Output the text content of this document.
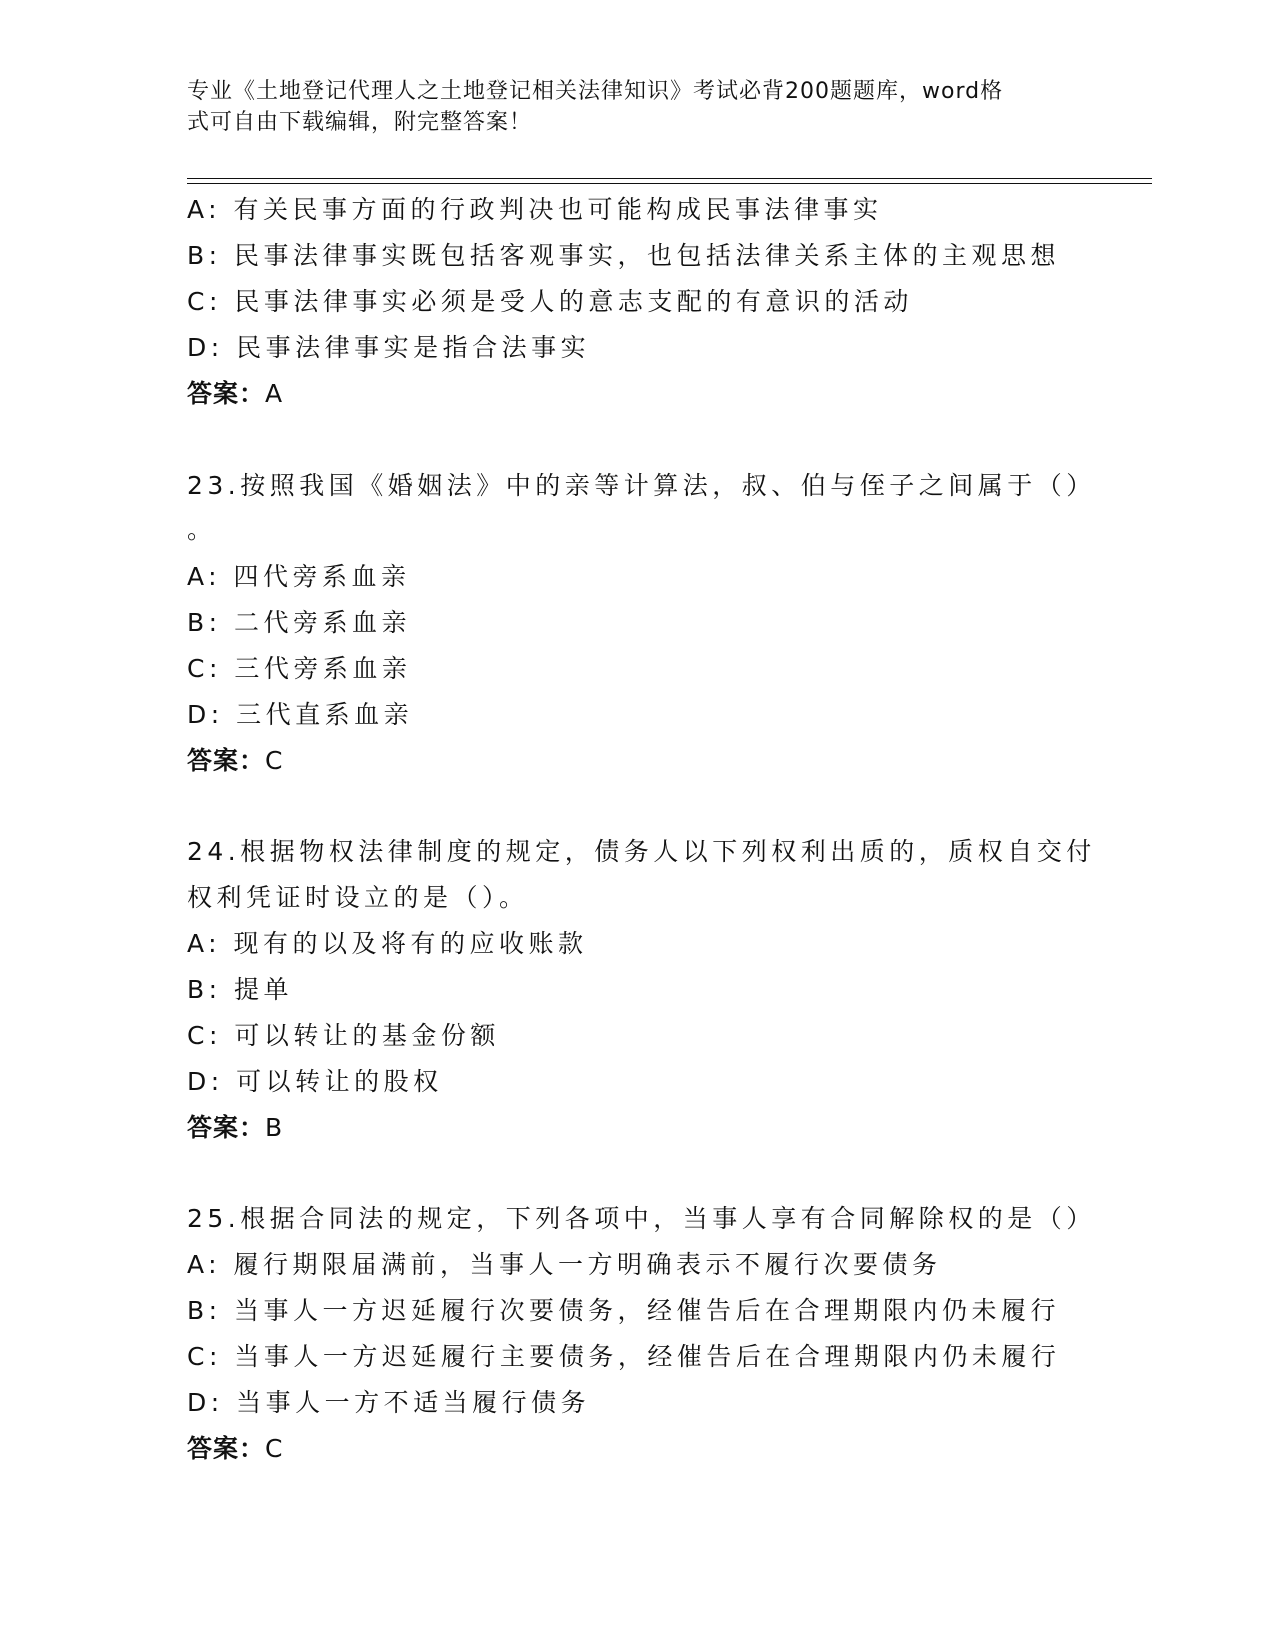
专业《土地登记代理人之土地登记相关法律知识》考试必背200题题库，word格
式可自由下载编辑，附完整答案！
A: 有关民事方面的行政判决也可能构成民事法律事实
B: 民事法律事实既包括客观事实，也包括法律关系主体的主观思想
C: 民事法律事实必须是受人的意志支配的有意识的活动
D: 民事法律事实是指合法事实
答案：A
23.按照我国《婚姻法》中的亲等计算法，叔、伯与侄子之间属于（）
。
A: 四代旁系血亲
B: 二代旁系血亲
C: 三代旁系血亲
D: 三代直系血亲
答案：C
24.根据物权法律制度的规定，债务人以下列权利出质的，质权自交付
权利凭证时设立的是（）。
A: 现有的以及将有的应收账款
B: 提单
C: 可以转让的基金份额
D: 可以转让的股权
答案：B
25.根据合同法的规定，下列各项中，当事人享有合同解除权的是（）
A: 履行期限届满前，当事人一方明确表示不履行次要债务
B: 当事人一方迟延履行次要债务，经催告后在合理期限内仍未履行
C: 当事人一方迟延履行主要债务，经催告后在合理期限内仍未履行
D: 当事人一方不适当履行债务
答案：C
